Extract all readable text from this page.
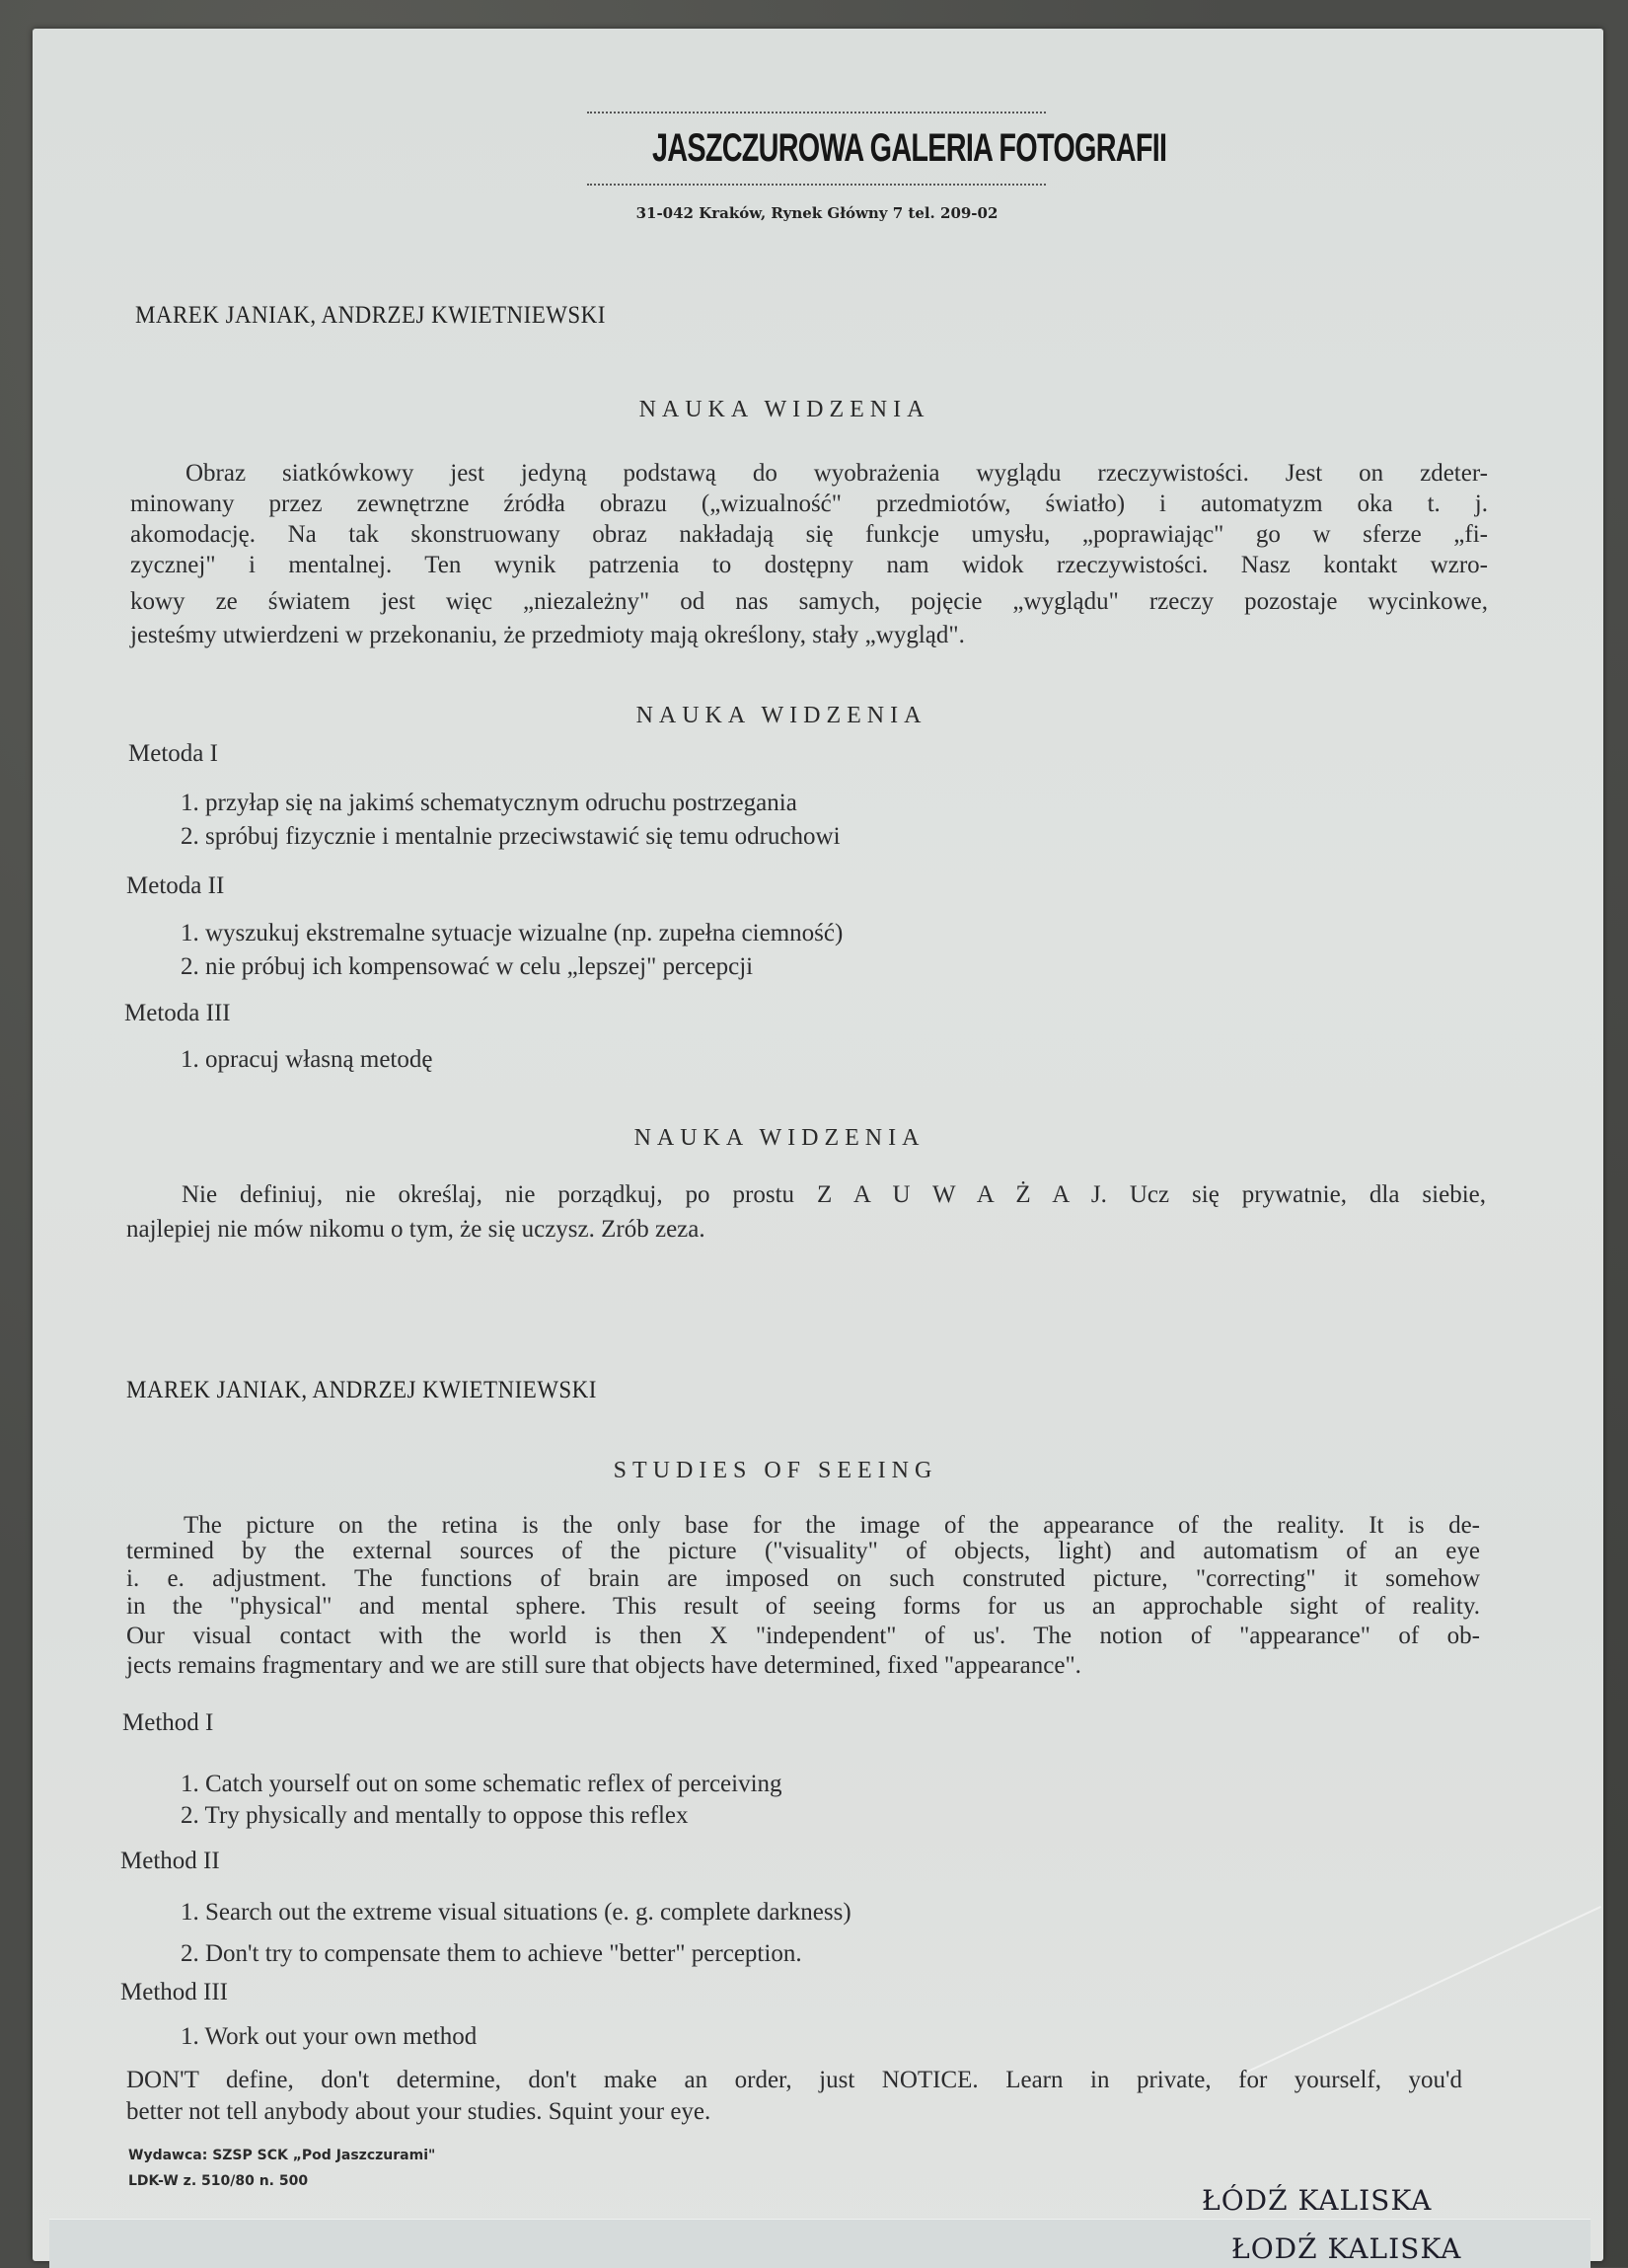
JASZCZUROWA GALERIA FOTOGRAFII
31-042 Kraków, Rynek Główny 7 tel. 209-02
MAREK JANIAK, ANDRZEJ KWIETNIEWSKI
NAUKA WIDZENIA
Obraz siatkówkowy jest jedyną podstawą do wyobrażenia wyglądu rzeczywistości. Jest on zdeter-
minowany przez zewnętrzne źródła obrazu („wizualność" przedmiotów, światło) i automatyzm oka t. j.
akomodację. Na tak skonstruowany obraz nakładają się funkcje umysłu, „poprawiając" go w sferze „fi-
zycznej" i mentalnej. Ten wynik patrzenia to dostępny nam widok rzeczywistości. Nasz kontakt wzro-
kowy ze światem jest więc „niezależny" od nas samych, pojęcie „wyglądu" rzeczy pozostaje wycinkowe,
jesteśmy utwierdzeni w przekonaniu, że przedmioty mają określony, stały „wygląd".
NAUKA WIDZENIA
Metoda I
1. przyłap się na jakimś schematycznym odruchu postrzegania
2. spróbuj fizycznie i mentalnie przeciwstawić się temu odruchowi
Metoda II
1. wyszukuj ekstremalne sytuacje wizualne (np. zupełna ciemność)
2. nie próbuj ich kompensować w celu „lepszej" percepcji
Metoda III
1. opracuj własną metodę
NAUKA WIDZENIA
Nie definiuj, nie określaj, nie porządkuj, po prostu Z A U W A Ż A J. Ucz się prywatnie, dla siebie,
najlepiej nie mów nikomu o tym, że się uczysz. Zrób zeza.
MAREK JANIAK, ANDRZEJ KWIETNIEWSKI
STUDIES OF SEEING
The picture on the retina is the only base for the image of the appearance of the reality. It is de-
termined by the external sources of the picture ("visuality" of objects, light) and automatism of an eye
i. e. adjustment. The functions of brain are imposed on such construted picture, "correcting" it somehow
in the "physical" and mental sphere. This result of seeing forms for us an approchable sight of reality.
Our visual contact with the world is then X "independent" of us'. The notion of "appearance" of ob-
jects remains fragmentary and we are still sure that objects have determined, fixed "appearance".
Method I
1. Catch yourself out on some schematic reflex of perceiving
2. Try physically and mentally to oppose this reflex
Method II
1. Search out the extreme visual situations (e. g. complete darkness)
2. Don't try to compensate them to achieve "better" perception.
Method III
1. Work out your own method
DON'T define, don't determine, don't make an order, just NOTICE. Learn in private, for yourself, you'd
better not tell anybody about your studies. Squint your eye.
Wydawca: SZSP SCK „Pod Jaszczurami"
LDK-W z. 510/80 n. 500
ŁÓDŹ KALISKA
ŁODŹ KALISKA
